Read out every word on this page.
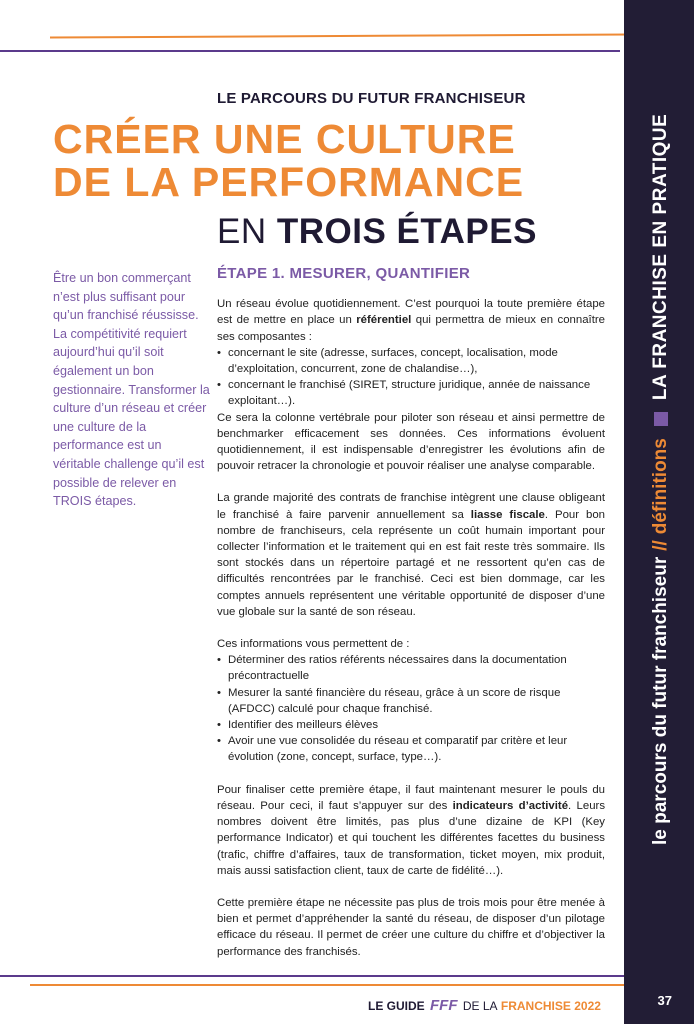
le parcours du futur franchiseur
//
définitions
LA FRANCHISE EN PRATIQUE
37
LE PARCOURS DU FUTUR FRANCHISEUR
CRÉER UNE CULTURE
DE LA PERFORMANCE
EN TROIS ÉTAPES
Être un bon commerçant n’est plus suffisant pour qu’un franchisé réussisse. La compétitivité requiert aujourd’hui qu’il soit également un bon gestionnaire. Transformer la culture d’un réseau et créer une culture de la performance est un véritable challenge qu’il est possible de relever en TROIS étapes.
ÉTAPE 1. MESURER, QUANTIFIER

Un réseau évolue quotidiennement. C’est pourquoi la toute première étape est de mettre en place un référentiel qui permettra de mieux en connaître ses composantes :

• concernant le site (adresse, surfaces, concept, localisation, mode d’exploitation, concurrent, zone de chalandise…),
• concernant le franchisé (SIRET, structure juridique, année de naissance exploitant…).

Ce sera la colonne vertébrale pour piloter son réseau et ainsi permettre de benchmarker efficacement ses données. Ces informations évoluent quotidiennement, il est indispensable d’enregistrer les évolutions afin de pouvoir retracer la chronologie et pouvoir réaliser une analyse comparable.

La grande majorité des contrats de franchise intègrent une clause obligeant le franchisé à faire parvenir annuellement sa liasse fiscale. Pour bon nombre de franchiseurs, cela représente un coût humain important pour collecter l’information et le traitement qui en est fait reste très sommaire. Ils sont stockés dans un répertoire partagé et ne ressortent qu’en cas de difficultés rencontrées par le franchisé. Ceci est bien dommage, car les comptes annuels représentent une véritable opportunité de disposer d’une vue globale sur la santé de son réseau.

Ces informations vous permettent de :

• Déterminer des ratios référents nécessaires dans la documentation précontractuelle
• Mesurer la santé financière du réseau, grâce à un score de risque (AFDCC) calculé pour chaque franchisé.
• Identifier des meilleurs élèves
• Avoir une vue consolidée du réseau et comparatif par critère et leur évolution (zone, concept, surface, type…).

Pour finaliser cette première étape, il faut maintenant mesurer le pouls du réseau. Pour ceci, il faut s’appuyer sur des indicateurs d’activité. Leurs nombres doivent être limités, pas plus d’une dizaine de KPI (Key performance Indicator) et qui touchent les différentes facettes du business (trafic, chiffre d’affaires, taux de transformation, ticket moyen, mix produit, mais aussi satisfaction client, taux de carte de fidélité…).

Cette première étape ne nécessite pas plus de trois mois pour être menée à bien et permet d’appréhender la santé du réseau, de disposer d’un pilotage efficace du réseau. Il permet de créer une culture du chiffre et d’objectiver la performance des franchisés.

LE GUIDE FFF DE LA FRANCHISE 2022
